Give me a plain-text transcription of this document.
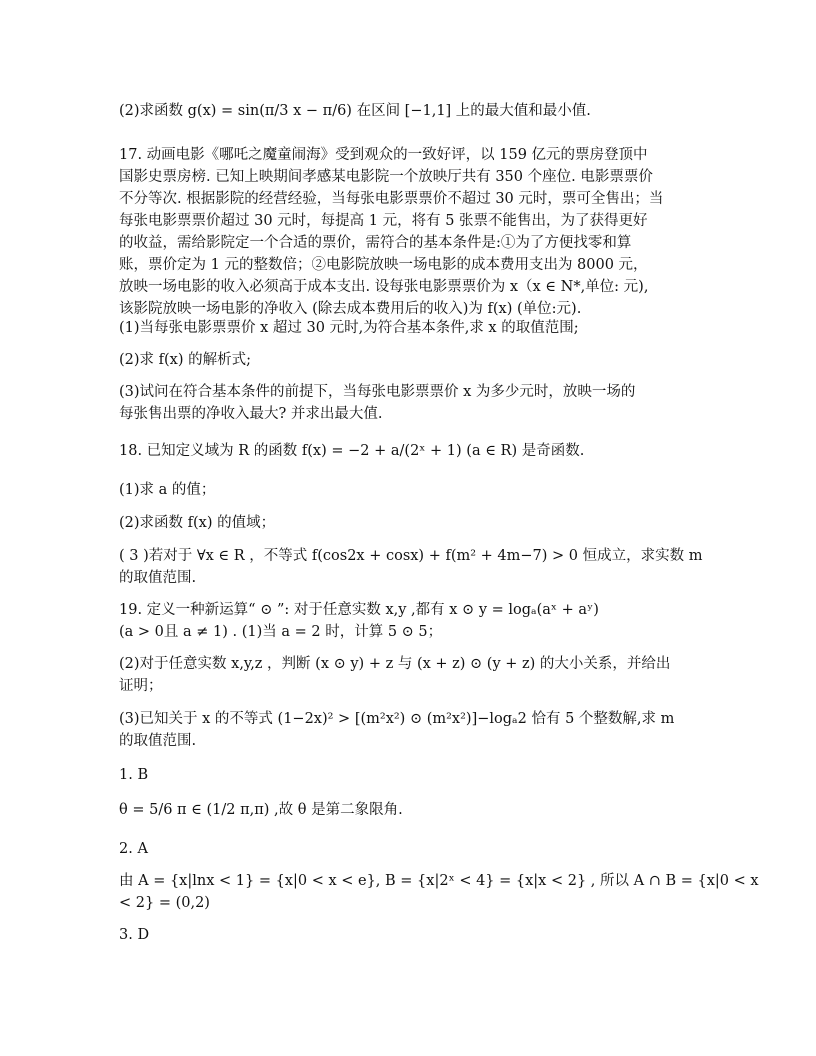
(2)求函数 g(x) = sin(π/3 x − π/6) 在区间 [−1,1] 上的最大值和最小值.
17. 动画电影《哪吒之魔童闹海》受到观众的一致好评，以 159 亿元的票房登顶中
国影史票房榜. 已知上映期间孝感某电影院一个放映厅共有 350 个座位. 电影票票价
不分等次. 根据影院的经营经验，当每张电影票票价不超过 30 元时，票可全售出；当
每张电影票票价超过 30 元时，每提高 1 元，将有 5 张票不能售出，为了获得更好
的收益，需给影院定一个合适的票价，需符合的基本条件是:①为了方便找零和算
账，票价定为 1 元的整数倍；②电影院放映一场电影的成本费用支出为 8000 元，
放映一场电影的收入必须高于成本支出. 设每张电影票票价为 x（x ∈ N*,单位: 元),
该影院放映一场电影的净收入 (除去成本费用后的收入)为 f(x) (单位:元).
(1)当每张电影票票价 x 超过 30 元时,为符合基本条件,求 x 的取值范围;
(2)求 f(x) 的解析式;
(3)试问在符合基本条件的前提下，当每张电影票票价 x 为多少元时，放映一场的
每张售出票的净收入最大? 并求出最大值.
18. 已知定义域为 R 的函数 f(x) = −2 + a/(2ˣ + 1) (a ∈ R) 是奇函数.
(1)求 a 的值；
(2)求函数 f(x) 的值域；
( 3 )若对于 ∀x ∈ R ，不等式 f(cos2x + cosx) + f(m² + 4m−7) > 0 恒成立，求实数 m
的取值范围.
19. 定义一种新运算“ ⊙ ”: 对于任意实数 x,y ,都有 x ⊙ y = logₐ(aˣ + aʸ)
(a > 0且 a ≠ 1) . (1)当 a = 2 时，计算 5 ⊙ 5；
(2)对于任意实数 x,y,z ，判断 (x ⊙ y) + z 与 (x + z) ⊙ (y + z) 的大小关系，并给出
证明；
(3)已知关于 x 的不等式 (1−2x)² > [(m²x²) ⊙ (m²x²)]−logₐ2 恰有 5 个整数解,求 m
的取值范围.
1. B
θ = 5/6 π ∈ (1/2 π,π) ,故 θ 是第二象限角.
2. A
由 A = {x|lnx < 1} = {x|0 < x < e}, B = {x|2ˣ < 4} = {x|x < 2} , 所以 A ∩ B = {x|0 < x
< 2} = (0,2)
3. D
